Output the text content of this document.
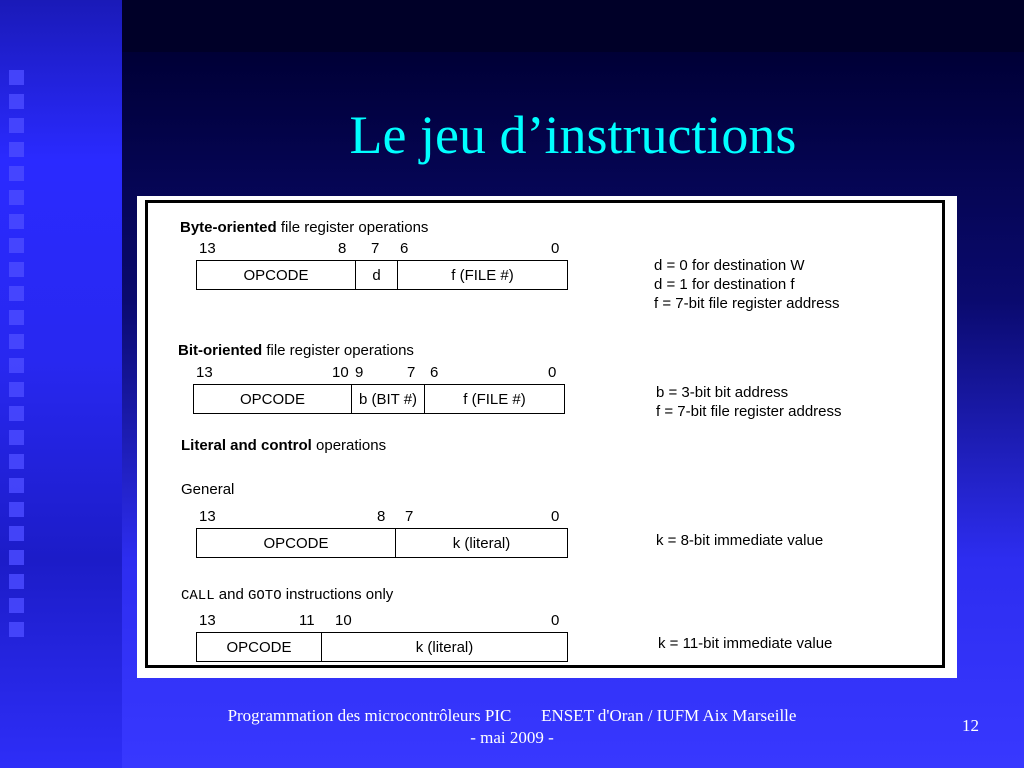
Le jeu d’instructions
Byte-oriented file register operations
13	8 7 6	0
OPCODE	d	f (FILE #)
d = 0 for destination W
d = 1 for destination f
f = 7-bit file register address
Bit-oriented file register operations
13	10 9	7 6	0
OPCODE	b (BIT #)	f (FILE #)	b = 3-bit bit address
f = 7-bit file register address
Literal and control operations
General
13	8 7	0
OPCODE	k (literal)	k = 8-bit immediate value
CALL and GOTO instructions only
13	11 10	0
OPCODE	k (literal)	k = 11-bit immediate value
Programmation des microcontrôleurs PIC       ENSET d'Oran / IUFM Aix Marseille
- mai 2009 -
12
